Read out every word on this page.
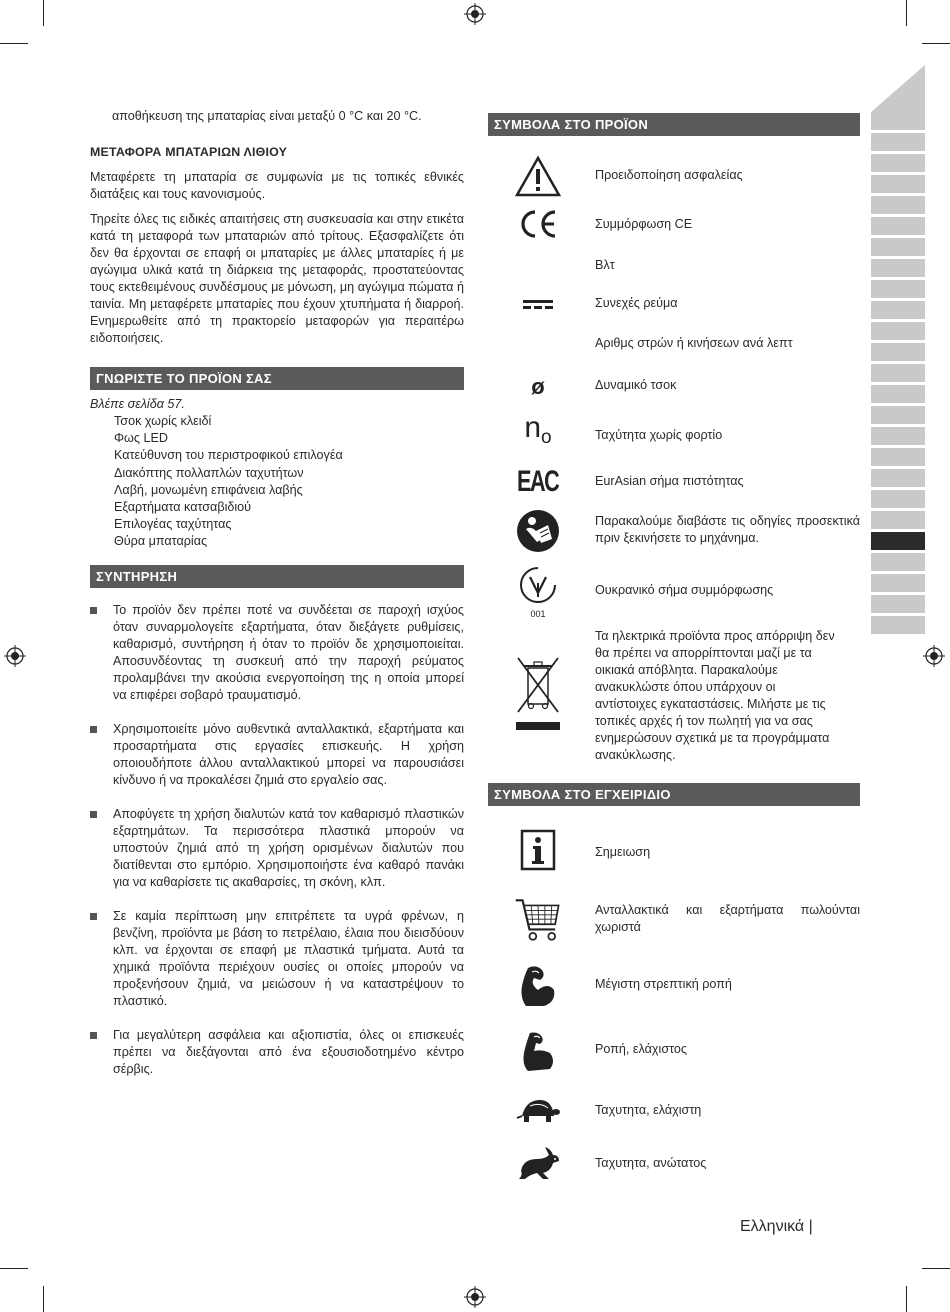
αποθήκευση της μπαταρίας είναι μεταξύ 0 °C και 20 °C.

ΜΕΤΑΦΟΡΑ ΜΠΑΤΑΡΙΩΝ ΛΙΘΙΟΥ

Μεταφέρετε τη μπαταρία σε συμφωνία με τις τοπικές εθνικές διατάξεις και τους κανονισμούς.

Τηρείτε όλες τις ειδικές απαιτήσεις στη συσκευασία και στην ετικέτα κατά τη μεταφορά των μπαταριών από τρίτους. Εξασφαλίζετε ότι δεν θα έρχονται σε επαφή οι μπαταρίες με άλλες μπαταρίες ή με αγώγιμα υλικά κατά τη διάρκεια της μεταφοράς, προστατεύοντας τους εκτεθειμένους συνδέσμους με μόνωση, μη αγώγιμα πώματα ή ταινία. Μη μεταφέρετε μπαταρίες που έχουν χτυπήματα ή διαρροή. Ενημερωθείτε από τη πρακτορείο μεταφορών για περαιτέρω ειδοποιήσεις.

ΓΝΩΡΙΣΤΕ ΤΟ ΠΡΟΪΟΝ ΣΑΣ
Βλέπε σελίδα 57.
Τσοκ χωρίς κλειδί
Φως LED
Κατεύθυνση του περιστροφικού επιλογέα
Διακόπτης πολλαπλών ταχυτήτων
Λαβή, μονωμένη επιφάνεια λαβής
Εξαρτήματα κατσαβιδιού
Επιλογέας ταχύτητας
Θύρα μπαταρίας
ΣΥΝΤΗΡΗΣΗ
Το προϊόν δεν πρέπει ποτέ να συνδέεται σε παροχή ισχύος όταν συναρμολογείτε εξαρτήματα, όταν διεξάγετε ρυθμίσεις, καθαρισμό, συντήρηση ή όταν το προϊόν δε χρησιμοποιείται. Αποσυνδέοντας τη συσκευή από την παροχή ρεύματος προλαμβάνει την ακούσια ενεργοποίηση της η οποία μπορεί να επιφέρει σοβαρό τραυματισμό.
Χρησιμοποιείτε μόνο αυθεντικά ανταλλακτικά, εξαρτήματα και προσαρτήματα στις εργασίες επισκευής. Η χρήση οποιουδήποτε άλλου ανταλλακτικού μπορεί να παρουσιάσει κίνδυνο ή να προκαλέσει ζημιά στο εργαλείο σας.
Αποφύγετε τη χρήση διαλυτών κατά τον καθαρισμό πλαστικών εξαρτημάτων. Τα περισσότερα πλαστικά μπορούν να υποστούν ζημιά από τη χρήση ορισμένων διαλυτών που διατίθενται στο εμπόριο. Χρησιμοποιήστε ένα καθαρό πανάκι για να καθαρίσετε τις ακαθαρσίες, τη σκόνη, κλπ.
Σε καμία περίπτωση μην επιτρέπετε τα υγρά φρένων, η βενζίνη, προϊόντα με βάση το πετρέλαιο, έλαια που διεισδύουν κλπ. να έρχονται σε επαφή με πλαστικά τμήματα. Αυτά τα χημικά προϊόντα περιέχουν ουσίες οι οποίες μπορούν να προξενήσουν ζημιά, να μειώσουν ή να καταστρέψουν το πλαστικό.
Για μεγαλύτερη ασφάλεια και αξιοπιστία, όλες οι επισκευές πρέπει να διεξάγονται από ένα εξουσιοδοτημένο κέντρο σέρβις.
ΣΥΜΒΟΛΑ ΣΤΟ ΠΡΟΪΟΝ
Προειδοποίηση ασφαλείας
Συμμόρφωση CE
Βλτ
Συνεχές ρεύμα
Αριθμς στρών ή κινήσεων ανά λεπτ
ø	Δυναμικό τσοκ
$n_o$	Ταχύτητα χωρίς φορτίο
EAC	EurAsian σήμα πιστότητας
Παρακαλούμε διαβάστε τις οδηγίες προσεκτικά πριν ξεκινήσετε το μηχάνημα.
001
Ουκρανικό σήμα συμμόρφωσης
Τα ηλεκτρικά προϊόντα προς απόρριψη δεν θα πρέπει να απορρίπτονται μαζί με τα οικιακά απόβλητα. Παρακαλούμε ανακυκλώστε όπου υπάρχουν οι αντίστοιχες εγκαταστάσεις. Μιλήστε με τις τοπικές αρχές ή τον πωλητή για να σας ενημερώσουν σχετικά με τα προγράμματα ανακύκλωσης.
ΣΥΜΒΟΛΑ ΣΤΟ ΕΓΧΕΙΡΙΔΙΟ
Σημειωση
Ανταλλακτικά και εξαρτήματα πωλούνται χωριστά
Μέγιστη στρεπτική ροπή
Ροπή, ελάχιστος
Ταχυτητα, ελάχιστη
Ταχυτητα, ανώτατος
Ελληνικά |
